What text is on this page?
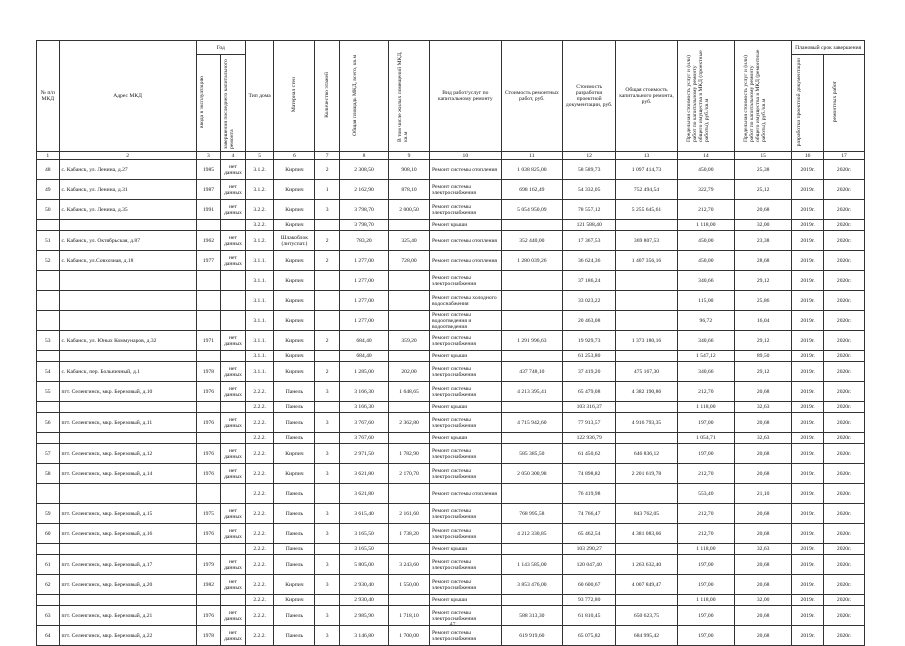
№ п/п МКД	Адрес МКД	Год		Тип дома	Материал стен	Количество этажей	Общая площадь МКД, всего, кв.м	В том числе жилых помещений МКД, кв.м	Вид работ/услуг по капитальному ремонту	Стоимость ремонтных работ, руб.	Стоимость разработки проектной документации, руб.	Общая стоимость капитального ремонта, руб.	Предельная стоимость услуг и (или) работ по капитальному ремонту общего имущества в МКД (проектные работы), руб./кв.м	Предельная стоимость услуг и (или) работ по капитальному ремонту общего имущества в МКД (ремонтные работы), руб./кв.м	Плановый срок завершения	
		ввода в эксплуатацию	завершения последнего капитального ремонта												разработки проектной документации	ремонтных работ
1	2	3	4	5	6	7	8	9	10	11	12	13	14	15	16	17
48	с. Кабанск, ул. Ленина, д.27	1985	нет данных	3.1.2.	Кирпич	2	2 308,50	908,10	Ремонт системы отопления	1 038 825,00	58 589,73	1 097 414,73	450,00	25,38	2019г.	2020г.
49	с. Кабанск, ул. Ленина, д.31	1987	нет данных	3.1.2.	Кирпич	1	2 162,90	878,10	Ремонт системы электроснабжения	698 162,49	54 332,05	752 494,54	322,79	25,12	2019г.	2020г.
50	с. Кабанск, ул. Ленина, д.35	1991	нет данных	3.2.2.	Кирпич	3	3 798,70	2 000,50	Ремонт системы электроснабжения	5 054 950,09	78 557,12	5 255 645,61	212,70	20,68	2019г.	2020г.
				3.2.2.	Кирпич		3 798,70		Ремонт крыши		121 588,40		1 118,00	32,00	2019г.	2020г.
51	с. Кабанск, ул. Октябрьская, д.87	1962	нет данных	3.1.2.	Шлакоблок (литуспат.)	2	783,20	325,40	Ремонт системы отопления	352 440,00	17 367,53	369 807,53	450,00	23,38	2019г.	2020г.
52	с. Кабанск, ул.Совхозная, д.18	1977	нет данных	3.1.1.	Кирпич	2	1 277,00	728,00	Ремонт системы отопления	1 280 039,26	36 624,36	1 407 356,16	450,00	28,68	2019г.	2020г.
				3.1.1.	Кирпич		1 277,00		Ремонт системы электроснабжения		37 186,24		340,66	29,12	2019г.	2020г.
				3.1.1.	Кирпич		1 277,00		Ремонт системы холодного водоснабжения		33 023,22		115,00	25,86	2019г.	2020г.
				3.1.1.	Кирпич		1 277,00		Ремонт системы водоотведения и водоотведения		20 463,08		96,72	16,04	2019г.	2020г.
53	с. Кабанск, ул. Юных Коммунаров, д.32	1971	нет данных	3.1.1.	Кирпич	2	684,40	359,20	Ремонт системы электроснабжения	1 291 996,63	19 929,73	1 373 180,16	340,66	29,12	2019г.	2020г.
				3.1.1.	Кирпич		684,40		Ремонт крыши		61 253,80		1 547,12	89,50	2019г.	2020г.
54	с. Кабанск, пер. Больничный, д.1	1978	нет данных	3.1.1.	Кирпич	2	1 285,00	202,00	Ремонт системы электроснабжения	437 748,10	37 419,20	475 167,30	340,66	29,12	2019г.	2020г.
55	пгт. Селенгинск, мкр. Березовый, д.10	1976	нет данных	2.2.2.	Панель	3	3 166,30	1 648,65	Ремонт системы электроснабжения	4 213 395,41	65 479,08	4 382 190,86	212,70	20,68	2019г.	2020г.
				2.2.2.	Панель		3 166,30		Ремонт крыши		103 316,37		1 118,00	32,63	2019г.	2020г.
56	пгт. Селенгинск, мкр. Березовый, д.11	1976	нет данных	2.2.2.	Панель	3	3 767,60	2 362,80	Ремонт системы электроснабжения	4 715 942,60	77 913,57	4 916 793,35	197,00	20,68	2019г.	2020г.
				2.2.2.	Панель		3 767,60		Ремонт крыши		122 936,79		1 054,71	32,63	2019г.	2020г.
57	пгт. Селенгинск, мкр. Березовый, д.12	1976	нет данных	2.2.2.	Кирпич	3	2 971,50	1 782,90	Ремонт системы электроснабжения	585 385,50	61 450,62	646 836,12	197,00	20,68	2019г.	2020г.
58	пгт. Селенгинск, мкр. Березовый, д.14	1976	нет данных	2.2.2.	Кирпич	3	3 621,80	2 170,70	Ремонт системы электроснабжения	2 050 300,98	74 898,82	2 201 619,78	212,70	20,68	2019г.	2020г.
				2.2.2.	Панель		3 621,80		Ремонт системы отопления		76 419,98		553,40	21,10	2019г.	2020г.
59	пгт. Селенгинск, мкр. Березовый, д.15	1975	нет данных	2.2.2.	Панель	3	3 615,40	2 161,60	Ремонт системы электроснабжения	768 995,58	74 766,47	843 762,05	212,70	20,68	2019г.	2020г.
60	пгт. Селенгинск, мкр. Березовый, д.16	1976	нет данных	2.2.2.	Панель	3	3 165,50	1 738,20	Ремонт системы электроснабжения	4 212 330,85	65 462,54	4 381 083,66	212,70	20,68	2019г.	2020г.
				2.2.2.	Панель		3 165,50		Ремонт крыши		103 290,27		1 118,00	32,63	2019г.	2020г.
61	пгт. Селенгинск, мкр. Березовый, д.17	1979	нет данных	2.2.2.	Панель	3	5 805,00	3 243,60	Ремонт системы электроснабжения	1 143 585,00	120 047,40	1 263 632,40	197,00	20,68	2019г.	2020г.
62	пгт. Селенгинск, мкр. Березовый, д.20	1982	нет данных	2.2.2.	Кирпич	3	2 930,40	1 550,00	Ремонт системы электроснабжения	3 853 476,00	60 600,67	4 007 849,47	197,00	20,68	2019г.	2020г.
				2.2.2.	Кирпич		2 930,40		Ремонт крыши		93 772,80		1 118,00	32,00	2019г.	2020г.
63	пгт. Селенгинск, мкр. Березовый, д.21	1976	нет данных	2.2.2.	Панель	3	2 985,90	1 718,10	Ремонт системы электроснабжения	588 313,30	61 810,45	650 623,75	197,00	20,68	2019г.	2020г.
64	пгт. Селенгинск, мкр. Березовый, д.22	1978	нет данных	2.2.2.	Панель	3	3 146,80	1 700,00	Ремонт системы электроснабжения	619 919,60	65 075,82	684 995,42	197,00	20,68	2019г.	2020г.
47
